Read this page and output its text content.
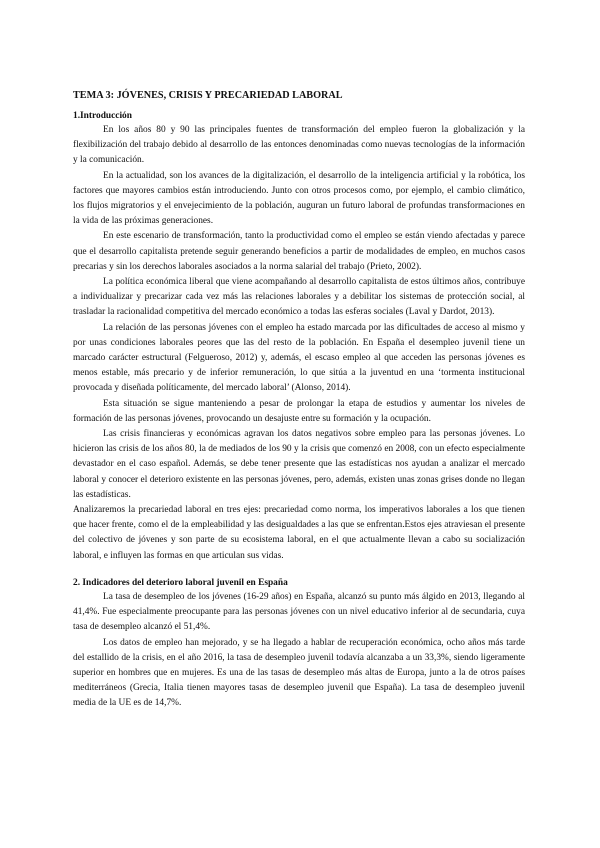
TEMA 3: JÓVENES, CRISIS Y PRECARIEDAD LABORAL
1.Introducción

En los años 80 y 90 las principales fuentes de transformación del empleo fueron la globalización y la flexibilización del trabajo debido al desarrollo de las entonces denominadas como nuevas tecnologías de la información y la comunicación.

En la actualidad, son los avances de la digitalización, el desarrollo de la inteligencia artificial y la robótica, los factores que mayores cambios están introduciendo. Junto con otros procesos como, por ejemplo, el cambio climático, los flujos migratorios y el envejecimiento de la población, auguran un futuro laboral de profundas transformaciones en la vida de las próximas generaciones.

En este escenario de transformación, tanto la productividad como el empleo se están viendo afectadas y parece que el desarrollo capitalista pretende seguir generando beneficios a partir de modalidades de empleo, en muchos casos precarias y sin los derechos laborales asociados a la norma salarial del trabajo (Prieto, 2002).

La política económica liberal que viene acompañando al desarrollo capitalista de estos últimos años, contribuye a individualizar y precarizar cada vez más las relaciones laborales y a debilitar los sistemas de protección social, al trasladar la racionalidad competitiva del mercado económico a todas las esferas sociales (Laval y Dardot, 2013).

La relación de las personas jóvenes con el empleo ha estado marcada por las dificultades de acceso al mismo y por unas condiciones laborales peores que las del resto de la población. En España el desempleo juvenil tiene un marcado carácter estructural (Felgueroso, 2012) y, además, el escaso empleo al que acceden las personas jóvenes es menos estable, más precario y de inferior remuneración, lo que sitúa a la juventud en una ‘tormenta institucional provocada y diseñada políticamente, del mercado laboral’ (Alonso, 2014).

Esta situación se sigue manteniendo a pesar de prolongar la etapa de estudios y aumentar los niveles de formación de las personas jóvenes, provocando un desajuste entre su formación y la ocupación.

Las crisis financieras y económicas agravan los datos negativos sobre empleo para las personas jóvenes. Lo hicieron las crisis de los años 80, la de mediados de los 90 y la crisis que comenzó en 2008, con un efecto especialmente devastador en el caso español. Además, se debe tener presente que las estadísticas nos ayudan a analizar el mercado laboral y conocer el deterioro existente en las personas jóvenes, pero, además, existen unas zonas grises donde no llegan las estadísticas.

Analizaremos la precariedad laboral en tres ejes: precariedad como norma, los imperativos laborales a los que tienen que hacer frente, como el de la empleabilidad y las desigualdades a las que se enfrentan.Estos ejes atraviesan el presente del colectivo de jóvenes y son parte de su ecosistema laboral, en el que actualmente llevan a cabo su socialización laboral, e influyen las formas en que articulan sus vidas.

2. Indicadores del deterioro laboral juvenil en España

La tasa de desempleo de los jóvenes (16-29 años) en España, alcanzó su punto más álgido en 2013, llegando al 41,4%. Fue especialmente preocupante para las personas jóvenes con un nivel educativo inferior al de secundaria, cuya tasa de desempleo alcanzó el 51,4%.

Los datos de empleo han mejorado, y se ha llegado a hablar de recuperación económica, ocho años más tarde del estallido de la crisis, en el año 2016, la tasa de desempleo juvenil todavía alcanzaba a un 33,3%, siendo ligeramente superior en hombres que en mujeres. Es una de las tasas de desempleo más altas de Europa, junto a la de otros países mediterráneos (Grecia, Italia tienen mayores tasas de desempleo juvenil que España). La tasa de desempleo juvenil media de la UE es de 14,7%.
